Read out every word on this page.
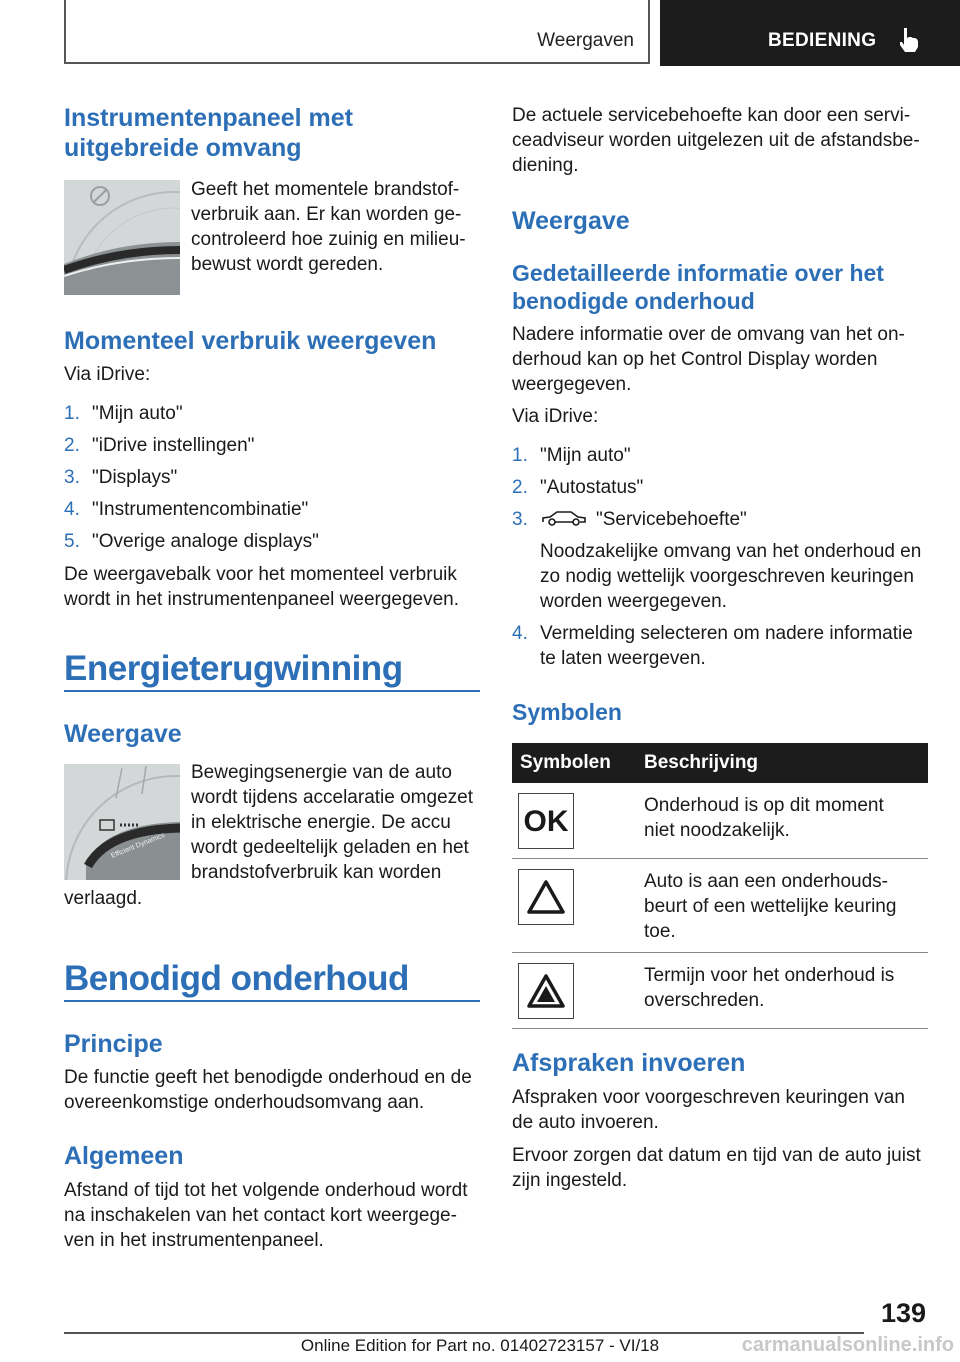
Weergaven	BEDIENING
Instrumentenpaneel met
uitgebreide omvang

Geeft het momentele brandstof-
verbruik aan. Er kan worden ge-
controleerd hoe zuinig en milieu-
bewust wordt gereden.

Momenteel verbruik weergeven

Via iDrive:

1. "Mijn auto"
2. "iDrive instellingen"
3. "Displays"
4. "Instrumentencombinatie"
5. "Overige analoge displays"

De weergavebalk voor het momenteel verbruik
wordt in het instrumentenpaneel weergegeven.

Energieterugwinning
Weergave
Efficient Dynamics

Bewegingsenergie van de auto
wordt tijdens accelaratie omgezet
in elektrische energie. De accu
wordt gedeeltelijk geladen en het
brandstofverbruik kan worden

verlaagd.

Benodigd onderhoud
Principe

De functie geeft het benodigde onderhoud en de
overeenkomstige onderhoudsomvang aan.

Algemeen

Afstand of tijd tot het volgende onderhoud wordt
na inschakelen van het contact kort weergege-
ven in het instrumentenpaneel.

De actuele servicebehoefte kan door een servi-
ceadviseur worden uitgelezen uit de afstandsbe-
diening.

Weergave
Gedetailleerde informatie over het
benodigde onderhoud

Nadere informatie over de omvang van het on-
derhoud kan op het Control Display worden
weergegeven.

Via iDrive:

1. "Mijn auto"
2. "Autostatus"
3.	"Servicebehoefte"
Noodzakelijke omvang van het onderhoud en
zo nodig wettelijk voorgeschreven keuringen
worden weergegeven.
4. Vermelding selecteren om nadere informatie
te laten weergeven.
Symbolen
Symbolen	Beschrijving

OK	Onderhoud is op dit moment
niet noodzakelijk.

	Auto is aan een onderhouds-
beurt of een wettelijke keuring
toe.

	Termijn voor het onderhoud is
overschreden.
Afspraken invoeren

Afspraken voor voorgeschreven keuringen van
de auto invoeren.

Ervoor zorgen dat datum en tijd van de auto juist
zijn ingesteld.

139
Online Edition for Part no. 01402723157 - VI/18	carmanualsonline.info
